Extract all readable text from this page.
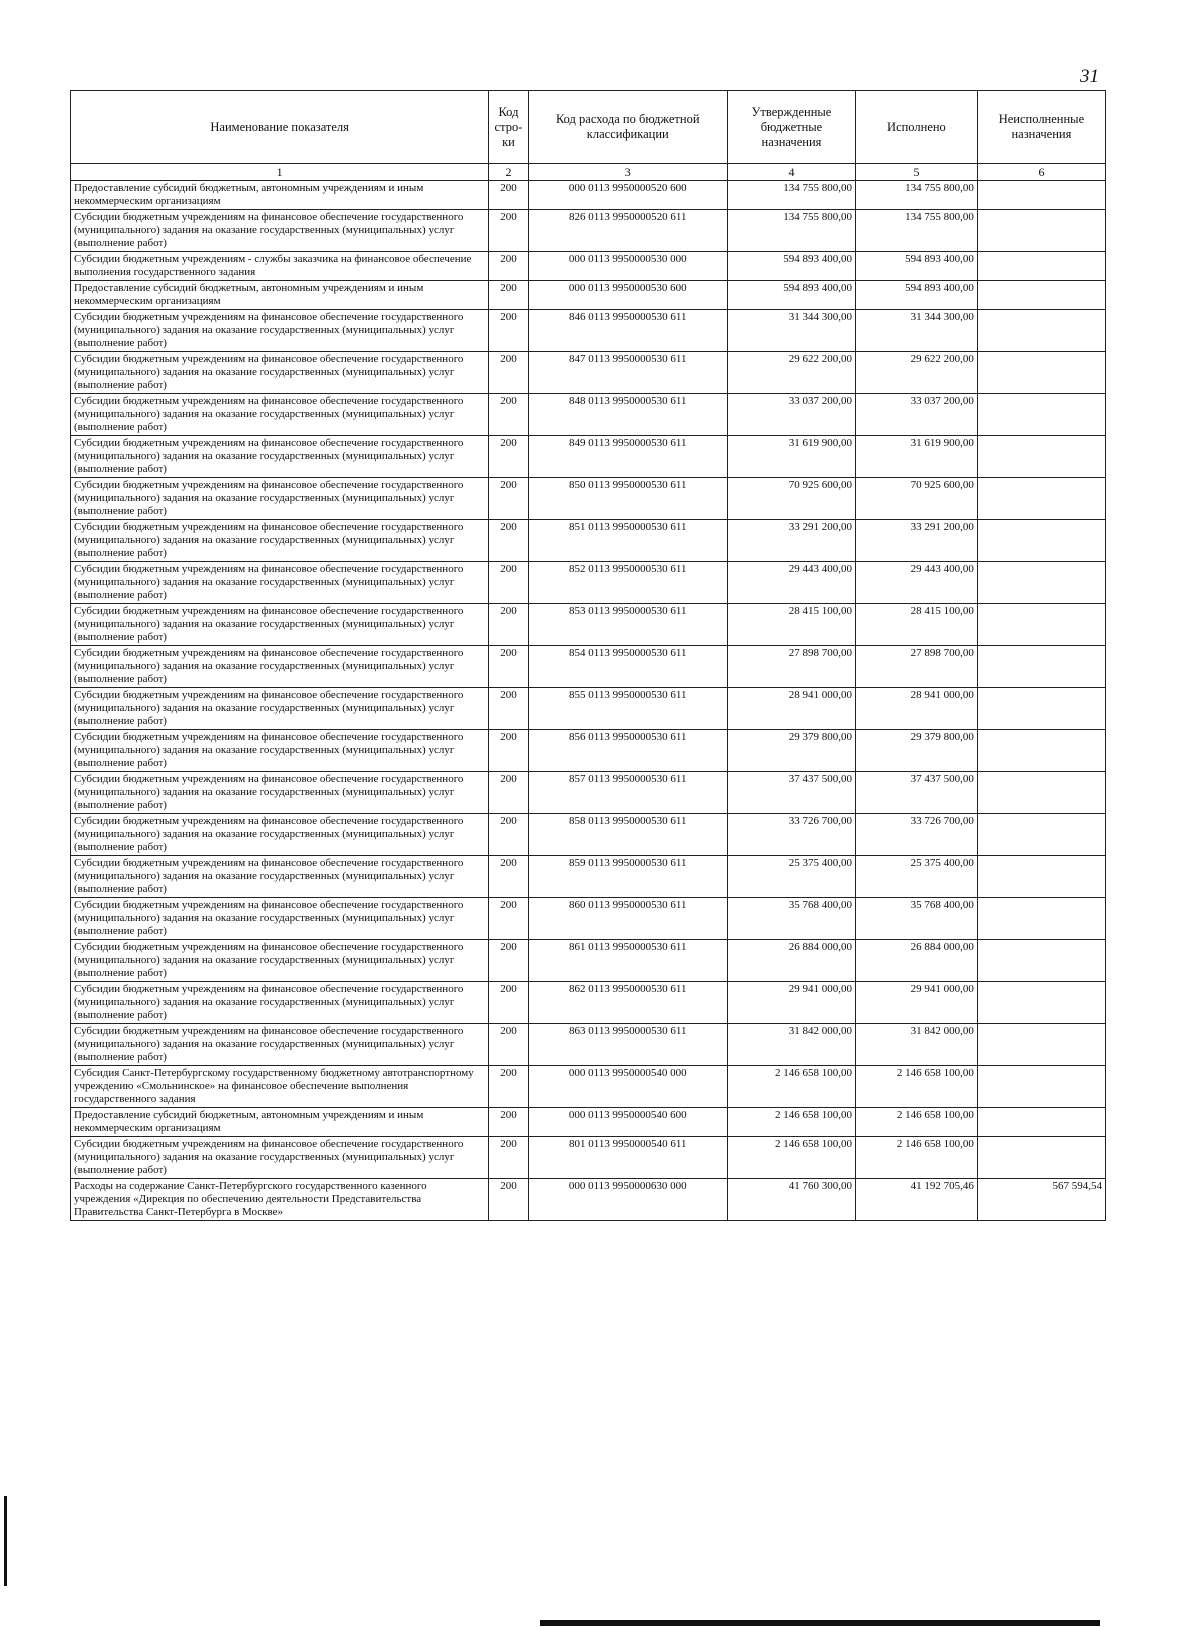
31
Наименование показателя	Код стро-ки	Код расхода по бюджетной классификации	Утвержденные бюджетные назначения	Исполнено	Неисполненные назначения
1	2	3	4	5	6
Предоставление субсидий бюджетным, автономным учреждениям и иным некоммерческим организациям	200	000 0113 9950000520 600	134 755 800,00	134 755 800,00	
Субсидии бюджетным учреждениям на финансовое обеспечение государственного (муниципального) задания на оказание государственных (муниципальных) услуг (выполнение работ)	200	826 0113 9950000520 611	134 755 800,00	134 755 800,00	
Субсидии бюджетным учреждениям - службы заказчика на финансовое обеспечение выполнения государственного задания	200	000 0113 9950000530 000	594 893 400,00	594 893 400,00	
Предоставление субсидий бюджетным, автономным учреждениям и иным некоммерческим организациям	200	000 0113 9950000530 600	594 893 400,00	594 893 400,00	
Субсидии бюджетным учреждениям на финансовое обеспечение государственного (муниципального) задания на оказание государственных (муниципальных) услуг (выполнение работ)	200	846 0113 9950000530 611	31 344 300,00	31 344 300,00	
Субсидии бюджетным учреждениям на финансовое обеспечение государственного (муниципального) задания на оказание государственных (муниципальных) услуг (выполнение работ)	200	847 0113 9950000530 611	29 622 200,00	29 622 200,00	
Субсидии бюджетным учреждениям на финансовое обеспечение государственного (муниципального) задания на оказание государственных (муниципальных) услуг (выполнение работ)	200	848 0113 9950000530 611	33 037 200,00	33 037 200,00	
Субсидии бюджетным учреждениям на финансовое обеспечение государственного (муниципального) задания на оказание государственных (муниципальных) услуг (выполнение работ)	200	849 0113 9950000530 611	31 619 900,00	31 619 900,00	
Субсидии бюджетным учреждениям на финансовое обеспечение государственного (муниципального) задания на оказание государственных (муниципальных) услуг (выполнение работ)	200	850 0113 9950000530 611	70 925 600,00	70 925 600,00	
Субсидии бюджетным учреждениям на финансовое обеспечение государственного (муниципального) задания на оказание государственных (муниципальных) услуг (выполнение работ)	200	851 0113 9950000530 611	33 291 200,00	33 291 200,00	
Субсидии бюджетным учреждениям на финансовое обеспечение государственного (муниципального) задания на оказание государственных (муниципальных) услуг (выполнение работ)	200	852 0113 9950000530 611	29 443 400,00	29 443 400,00	
Субсидии бюджетным учреждениям на финансовое обеспечение государственного (муниципального) задания на оказание государственных (муниципальных) услуг (выполнение работ)	200	853 0113 9950000530 611	28 415 100,00	28 415 100,00	
Субсидии бюджетным учреждениям на финансовое обеспечение государственного (муниципального) задания на оказание государственных (муниципальных) услуг (выполнение работ)	200	854 0113 9950000530 611	27 898 700,00	27 898 700,00	
Субсидии бюджетным учреждениям на финансовое обеспечение государственного (муниципального) задания на оказание государственных (муниципальных) услуг (выполнение работ)	200	855 0113 9950000530 611	28 941 000,00	28 941 000,00	
Субсидии бюджетным учреждениям на финансовое обеспечение государственного (муниципального) задания на оказание государственных (муниципальных) услуг (выполнение работ)	200	856 0113 9950000530 611	29 379 800,00	29 379 800,00	
Субсидии бюджетным учреждениям на финансовое обеспечение государственного (муниципального) задания на оказание государственных (муниципальных) услуг (выполнение работ)	200	857 0113 9950000530 611	37 437 500,00	37 437 500,00	
Субсидии бюджетным учреждениям на финансовое обеспечение государственного (муниципального) задания на оказание государственных (муниципальных) услуг (выполнение работ)	200	858 0113 9950000530 611	33 726 700,00	33 726 700,00	
Субсидии бюджетным учреждениям на финансовое обеспечение государственного (муниципального) задания на оказание государственных (муниципальных) услуг (выполнение работ)	200	859 0113 9950000530 611	25 375 400,00	25 375 400,00	
Субсидии бюджетным учреждениям на финансовое обеспечение государственного (муниципального) задания на оказание государственных (муниципальных) услуг (выполнение работ)	200	860 0113 9950000530 611	35 768 400,00	35 768 400,00	
Субсидии бюджетным учреждениям на финансовое обеспечение государственного (муниципального) задания на оказание государственных (муниципальных) услуг (выполнение работ)	200	861 0113 9950000530 611	26 884 000,00	26 884 000,00	
Субсидии бюджетным учреждениям на финансовое обеспечение государственного (муниципального) задания на оказание государственных (муниципальных) услуг (выполнение работ)	200	862 0113 9950000530 611	29 941 000,00	29 941 000,00	
Субсидии бюджетным учреждениям на финансовое обеспечение государственного (муниципального) задания на оказание государственных (муниципальных) услуг (выполнение работ)	200	863 0113 9950000530 611	31 842 000,00	31 842 000,00	
Субсидия Санкт-Петербургскому государственному бюджетному автотранспортному учреждению «Смольнинское» на финансовое обеспечение выполнения государственного задания	200	000 0113 9950000540 000	2 146 658 100,00	2 146 658 100,00	
Предоставление субсидий бюджетным, автономным учреждениям и иным некоммерческим организациям	200	000 0113 9950000540 600	2 146 658 100,00	2 146 658 100,00	
Субсидии бюджетным учреждениям на финансовое обеспечение государственного (муниципального) задания на оказание государственных (муниципальных) услуг (выполнение работ)	200	801 0113 9950000540 611	2 146 658 100,00	2 146 658 100,00	
Расходы на содержание Санкт-Петербургского государственного казенного учреждения «Дирекция по обеспечению деятельности Представительства Правительства Санкт-Петербурга в Москве»	200	000 0113 9950000630 000	41 760 300,00	41 192 705,46	567 594,54
